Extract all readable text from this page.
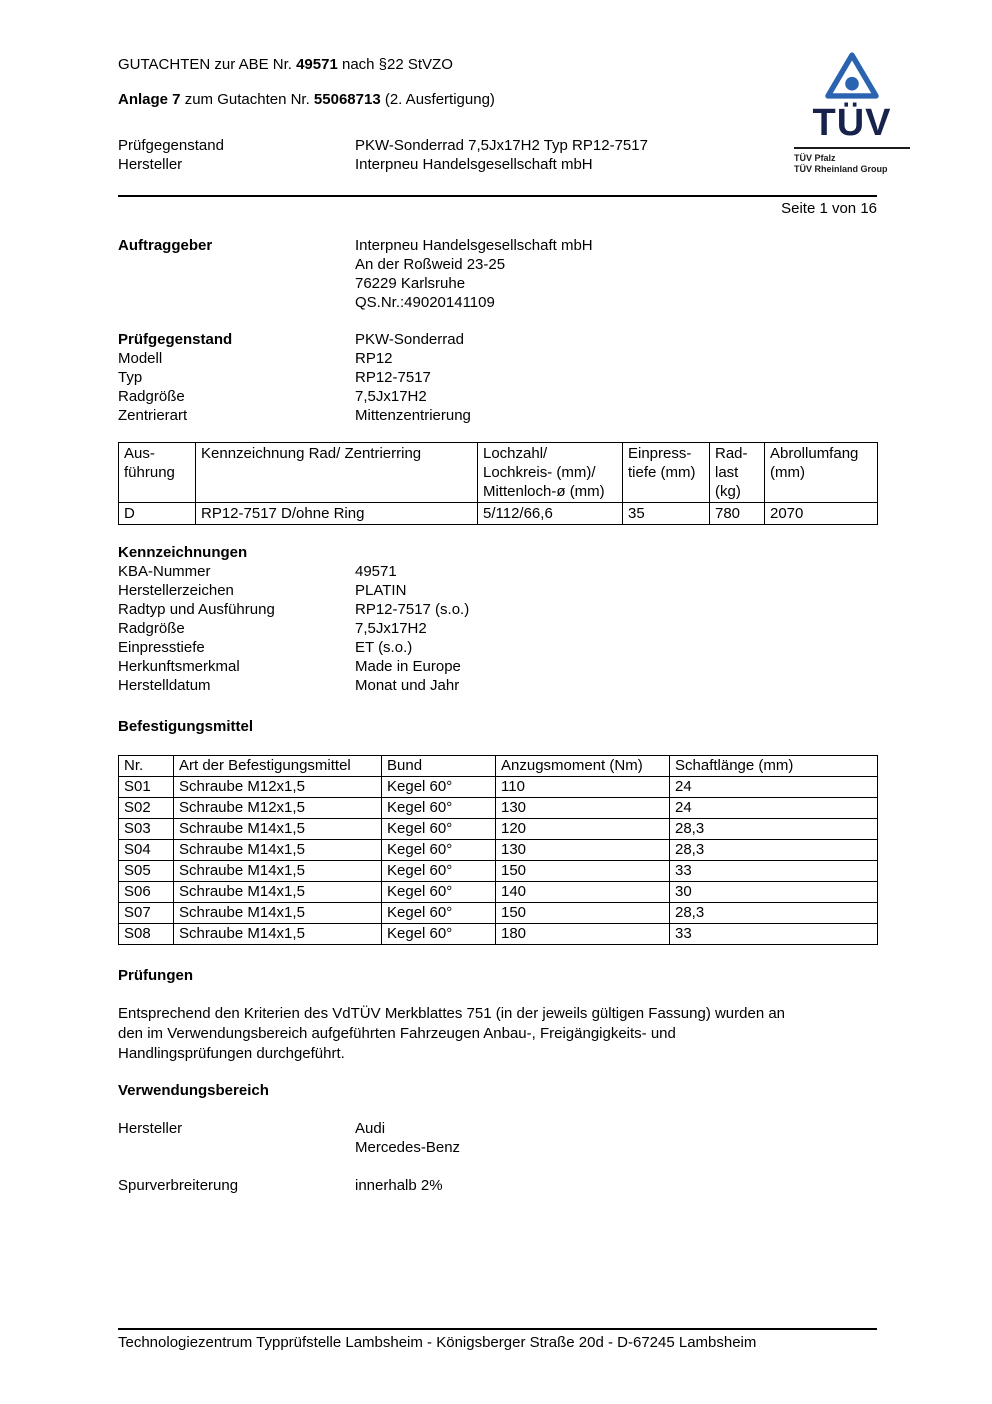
TÜV
TÜV Pfalz
TÜV Rheinland Group
GUTACHTEN zur ABE Nr. 49571 nach §22 StVZO
Anlage 7 zum Gutachten Nr. 55068713 (2. Ausfertigung)
Prüfgegenstand	PKW-Sonderrad 7,5Jx17H2 Typ RP12-7517
Hersteller	Interpneu Handelsgesellschaft mbH
Seite 1 von 16
Auftraggeber	Interpneu Handelsgesellschaft mbH
An der Roßweid 23-25
76229 Karlsruhe
QS.Nr.:49020141109
Prüfgegenstand	PKW-Sonderrad
Modell	RP12
Typ	RP12-7517
Radgröße	7,5Jx17H2
Zentrierart	Mittenzentrierung
Aus-führung	Kennzeichnung Rad/ Zentrierring	Lochzahl/ Lochkreis- (mm)/ Mittenloch-ø (mm)	Einpress-tiefe (mm)	Rad-last (kg)	Abrollumfang (mm)
D	RP12-7517 D/ohne Ring	5/112/66,6	35	780	2070
Kennzeichnungen
KBA-Nummer	49571
Herstellerzeichen	PLATIN
Radtyp und Ausführung	RP12-7517 (s.o.)
Radgröße	7,5Jx17H2
Einpresstiefe	ET (s.o.)
Herkunftsmerkmal	Made in Europe
Herstelldatum	Monat und Jahr
Befestigungsmittel
Nr.	Art der Befestigungsmittel	Bund	Anzugsmoment (Nm)	Schaftlänge (mm)
S01	Schraube M12x1,5	Kegel 60°	110	24
S02	Schraube M12x1,5	Kegel 60°	130	24
S03	Schraube M14x1,5	Kegel 60°	120	28,3
S04	Schraube M14x1,5	Kegel 60°	130	28,3
S05	Schraube M14x1,5	Kegel 60°	150	33
S06	Schraube M14x1,5	Kegel 60°	140	30
S07	Schraube M14x1,5	Kegel 60°	150	28,3
S08	Schraube M14x1,5	Kegel 60°	180	33
Prüfungen
Entsprechend den Kriterien des VdTÜV Merkblattes 751 (in der jeweils gültigen Fassung) wurden an
den im Verwendungsbereich aufgeführten Fahrzeugen Anbau-, Freigängigkeits- und
Handlingsprüfungen durchgeführt.
Verwendungsbereich
Hersteller	Audi
Mercedes-Benz
Spurverbreiterung	innerhalb 2%
Technologiezentrum Typprüfstelle Lambsheim - Königsberger Straße 20d - D-67245 Lambsheim
